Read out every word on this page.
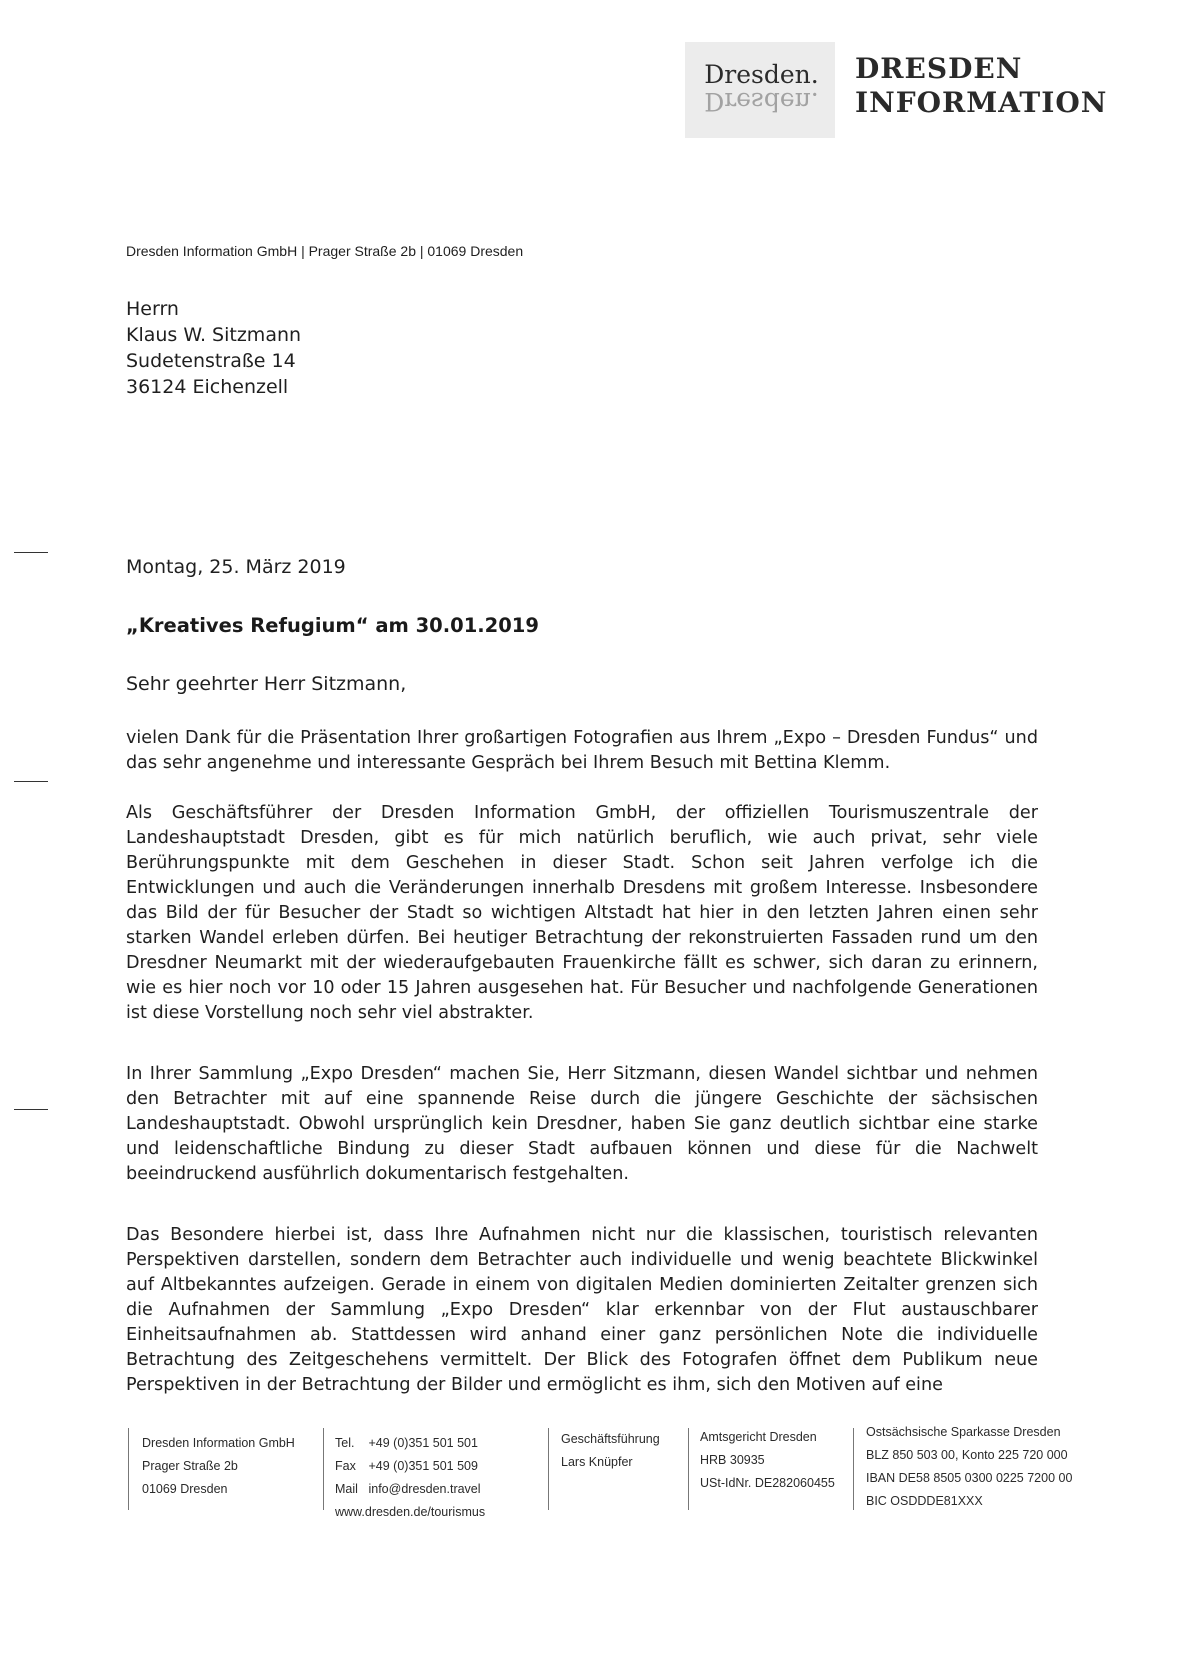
Dresden.
Dresden.
DRESDEN
INFORMATION
Dresden Information GmbH | Prager Straße 2b | 01069 Dresden
Herrn
Klaus W. Sitzmann
Sudetenstraße 14
36124 Eichenzell
Montag, 25. März 2019
„Kreatives Refugium“ am 30.01.2019
Sehr geehrter Herr Sitzmann,

vielen Dank für die Präsentation Ihrer großartigen Fotografien aus Ihrem „Expo – Dresden Fundus“ und das sehr angenehme und interessante Gespräch bei Ihrem Besuch mit Bettina Klemm.

Als Geschäftsführer der Dresden Information GmbH, der offiziellen Tourismuszentrale der Landeshauptstadt Dresden, gibt es für mich natürlich beruflich, wie auch privat, sehr viele Berührungspunkte mit dem Geschehen in dieser Stadt. Schon seit Jahren verfolge ich die Entwicklungen und auch die Veränderungen innerhalb Dresdens mit großem Interesse. Insbesondere das Bild der für Besucher der Stadt so wichtigen Altstadt hat hier in den letzten Jahren einen sehr starken Wandel erleben dürfen. Bei heutiger Betrachtung der rekonstruierten Fassaden rund um den Dresdner Neumarkt mit der wiederaufgebauten Frauenkirche fällt es schwer, sich daran zu erinnern, wie es hier noch vor 10 oder 15 Jahren ausgesehen hat. Für Besucher und nachfolgende Generationen ist diese Vorstellung noch sehr viel abstrakter.

In Ihrer Sammlung „Expo Dresden“ machen Sie, Herr Sitzmann, diesen Wandel sichtbar und nehmen den Betrachter mit auf eine spannende Reise durch die jüngere Geschichte der sächsischen Landeshauptstadt. Obwohl ursprünglich kein Dresdner, haben Sie ganz deutlich sichtbar eine starke und leidenschaftliche Bindung zu dieser Stadt aufbauen können und diese für die Nachwelt beeindruckend ausführlich dokumentarisch festgehalten.

Das Besondere hierbei ist, dass Ihre Aufnahmen nicht nur die klassischen, touristisch relevanten Perspektiven darstellen, sondern dem Betrachter auch individuelle und wenig beachtete Blickwinkel auf Altbekanntes aufzeigen. Gerade in einem von digitalen Medien dominierten Zeitalter grenzen sich die Aufnahmen der Sammlung „Expo Dresden“ klar erkennbar von der Flut austauschbarer Einheitsaufnahmen ab. Stattdessen wird anhand einer ganz persönlichen Note die individuelle Betrachtung des Zeitgeschehens vermittelt. Der Blick des Fotografen öffnet dem Publikum neue Perspektiven in der Betrachtung der Bilder und ermöglicht es ihm, sich den Motiven auf eine

Dresden Information GmbH
Prager Straße 2b
01069 Dresden
Tel. +49 (0)351 501 501
Fax +49 (0)351 501 509
Mail info@dresden.travel
www.dresden.de/tourismus
Geschäftsführung
Lars Knüpfer
Amtsgericht Dresden
HRB 30935
USt-IdNr. DE282060455
Ostsächsische Sparkasse Dresden
BLZ 850 503 00, Konto 225 720 000
IBAN DE58 8505 0300 0225 7200 00
BIC OSDDDE81XXX
